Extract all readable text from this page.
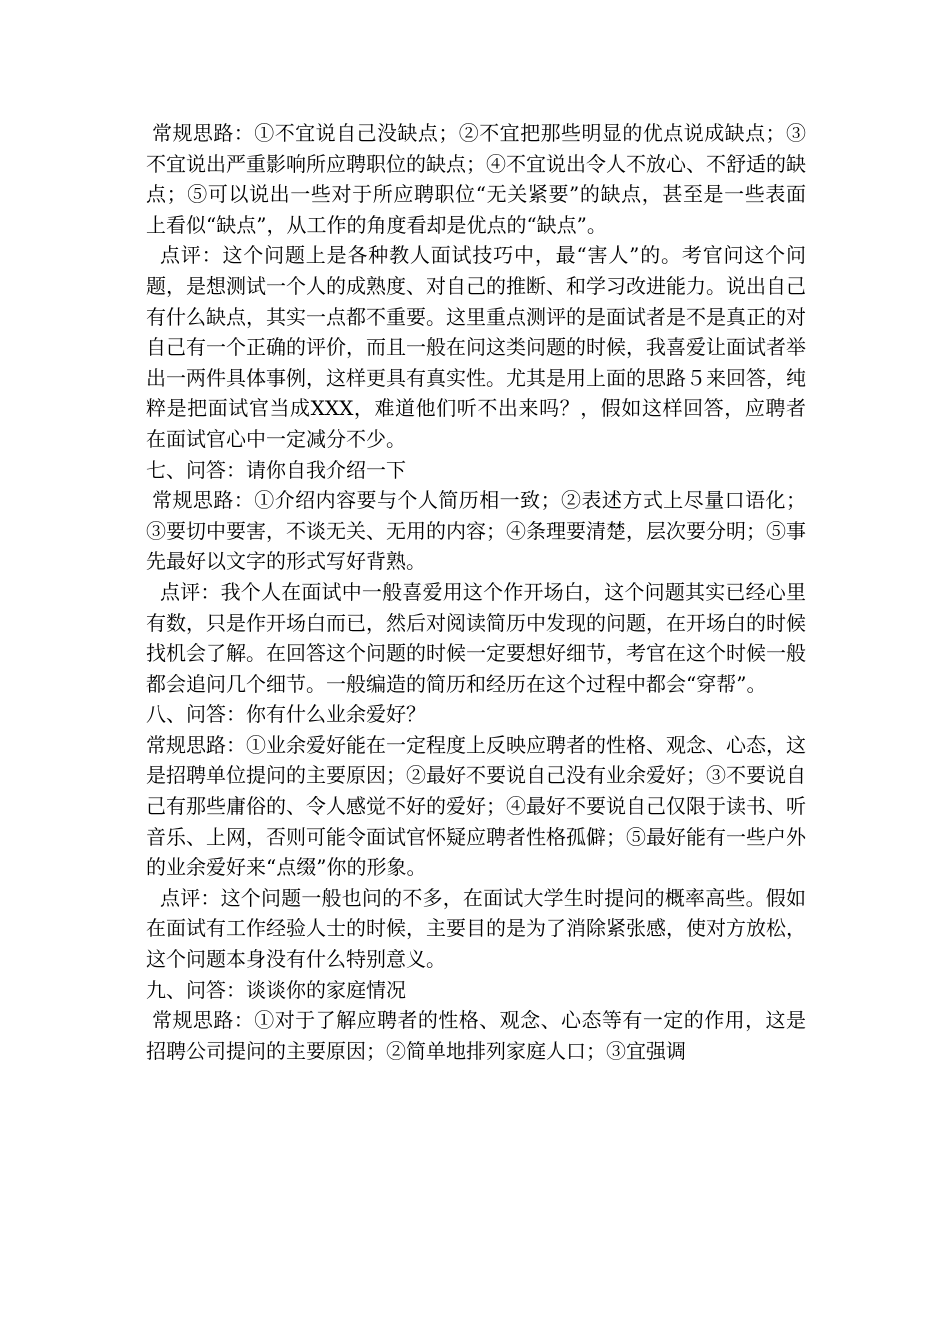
常规思路：①不宜说自己没缺点；②不宜把那些明显的优点说成缺点；③不宜说出严重影响所应聘职位的缺点；④不宜说出令人不放心、不舒适的缺点；⑤可以说出一些对于所应聘职位“无关紧要”的缺点，甚至是一些表面上看似“缺点”，从工作的角度看却是优点的“缺点”。

点评：这个问题上是各种教人面试技巧中，最“害人”的。考官问这个问题，是想测试一个人的成熟度、对自己的推断、和学习改进能力。说出自己有什么缺点，其实一点都不重要。这里重点测评的是面试者是不是真正的对自己有一个正确的评价，而且一般在问这类问题的时候，我喜爱让面试者举出一两件具体事例，这样更具有真实性。尤其是用上面的思路５来回答，纯粹是把面试官当成XXX，难道他们听不出来吗？，假如这样回答，应聘者在面试官心中一定减分不少。

七、问答：请你自我介绍一下

常规思路：①介绍内容要与个人简历相一致；②表述方式上尽量口语化；③要切中要害，不谈无关、无用的内容；④条理要清楚，层次要分明；⑤事先最好以文字的形式写好背熟。

点评：我个人在面试中一般喜爱用这个作开场白，这个问题其实已经心里有数，只是作开场白而已，然后对阅读简历中发现的问题，在开场白的时候找机会了解。在回答这个问题的时候一定要想好细节，考官在这个时候一般都会追问几个细节。一般编造的简历和经历在这个过程中都会“穿帮”。

八、问答：你有什么业余爱好？

常规思路：①业余爱好能在一定程度上反映应聘者的性格、观念、心态，这是招聘单位提问的主要原因；②最好不要说自己没有业余爱好；③不要说自己有那些庸俗的、令人感觉不好的爱好；④最好不要说自己仅限于读书、听音乐、上网，否则可能令面试官怀疑应聘者性格孤僻；⑤最好能有一些户外的业余爱好来“点缀”你的形象。

点评：这个问题一般也问的不多，在面试大学生时提问的概率高些。假如在面试有工作经验人士的时候，主要目的是为了消除紧张感，使对方放松，这个问题本身没有什么特别意义。

九、问答：谈谈你的家庭情况

常规思路：①对于了解应聘者的性格、观念、心态等有一定的作用，这是招聘公司提问的主要原因；②简单地排列家庭人口；③宜强调
